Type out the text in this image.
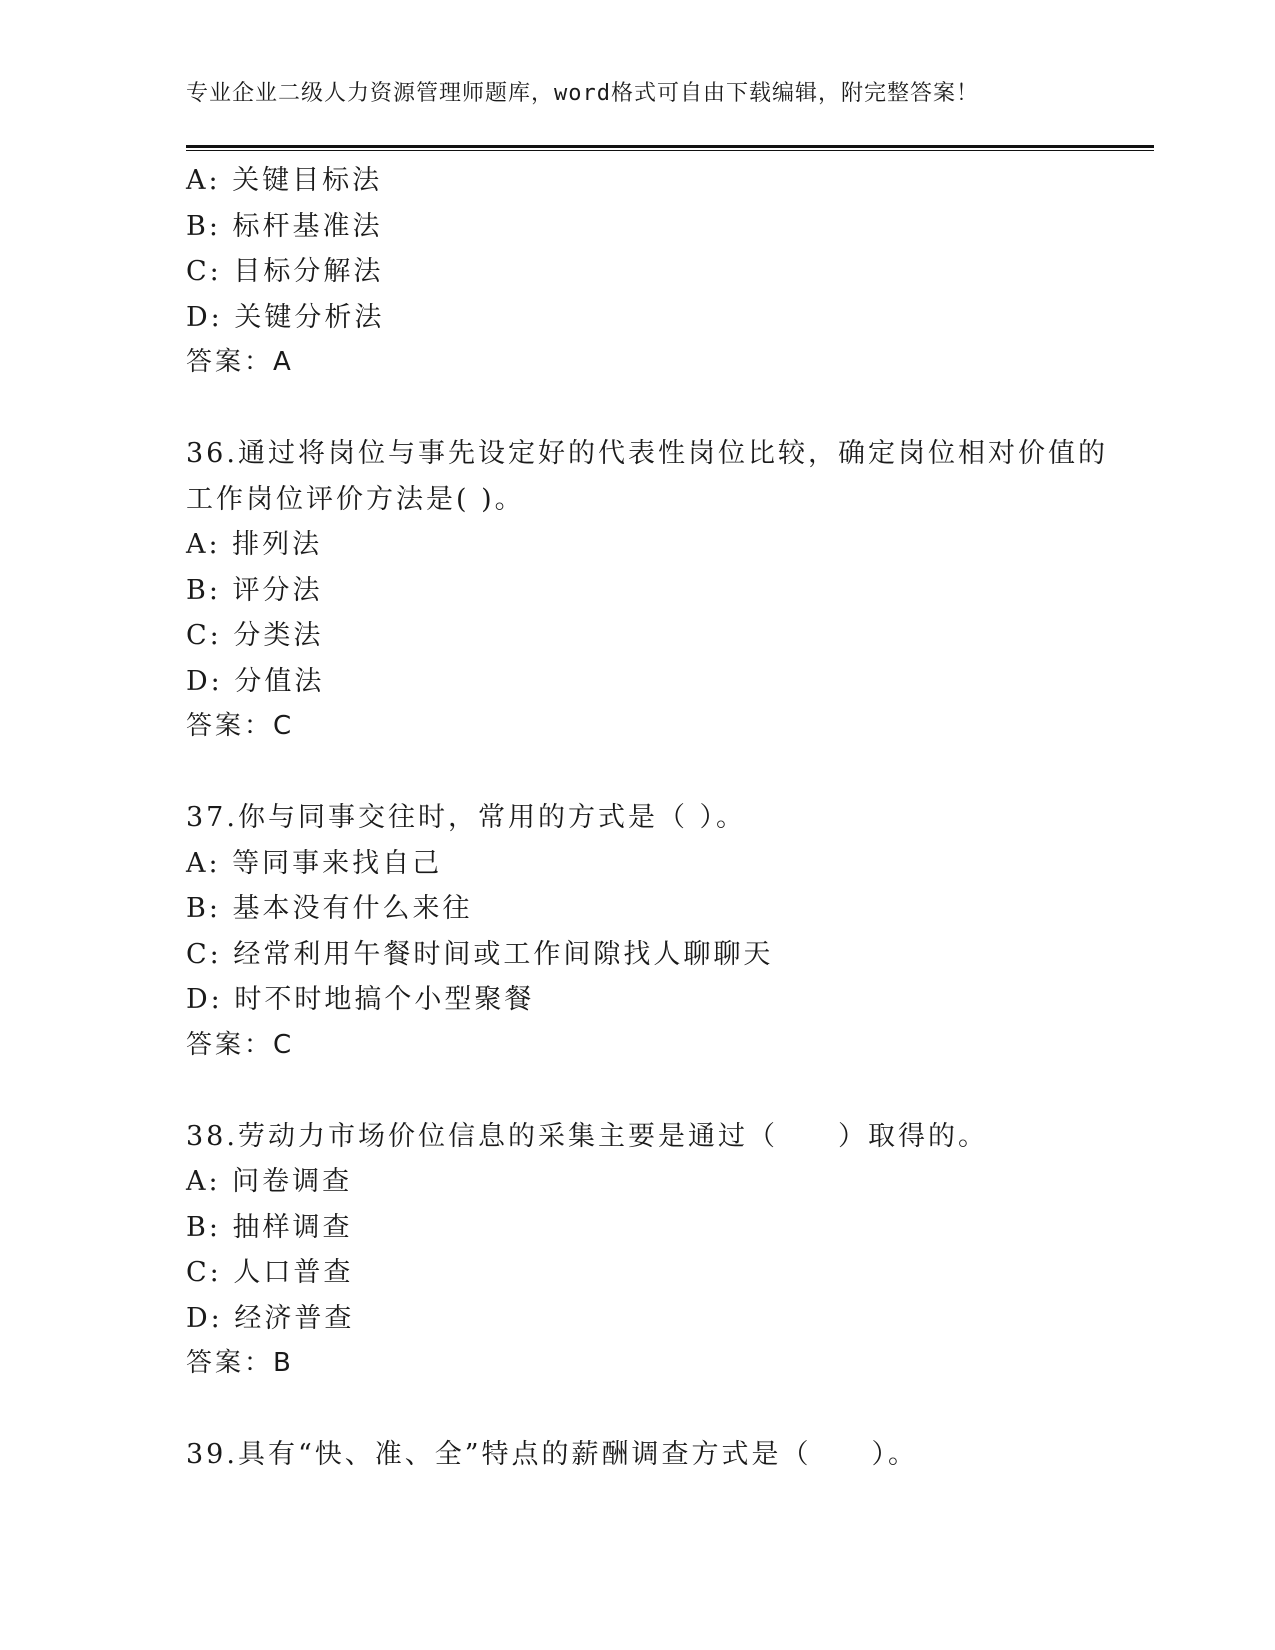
专业企业二级人力资源管理师题库，word格式可自由下载编辑，附完整答案！
A: 关键目标法
B: 标杆基准法
C: 目标分解法
D: 关键分析法
答案：A
36.通过将岗位与事先设定好的代表性岗位比较，确定岗位相对价值的
工作岗位评价方法是( )。
A: 排列法
B: 评分法
C: 分类法
D: 分值法
答案：C
37.你与同事交往时，常用的方式是（ ）。
A: 等同事来找自己
B: 基本没有什么来往
C: 经常利用午餐时间或工作间隙找人聊聊天
D: 时不时地搞个小型聚餐
答案：C
38.劳动力市场价位信息的采集主要是通过（　　）取得的。
A: 问卷调查
B: 抽样调查
C: 人口普查
D: 经济普查
答案：B
39.具有“快、准、全”特点的薪酬调查方式是（　　）。
